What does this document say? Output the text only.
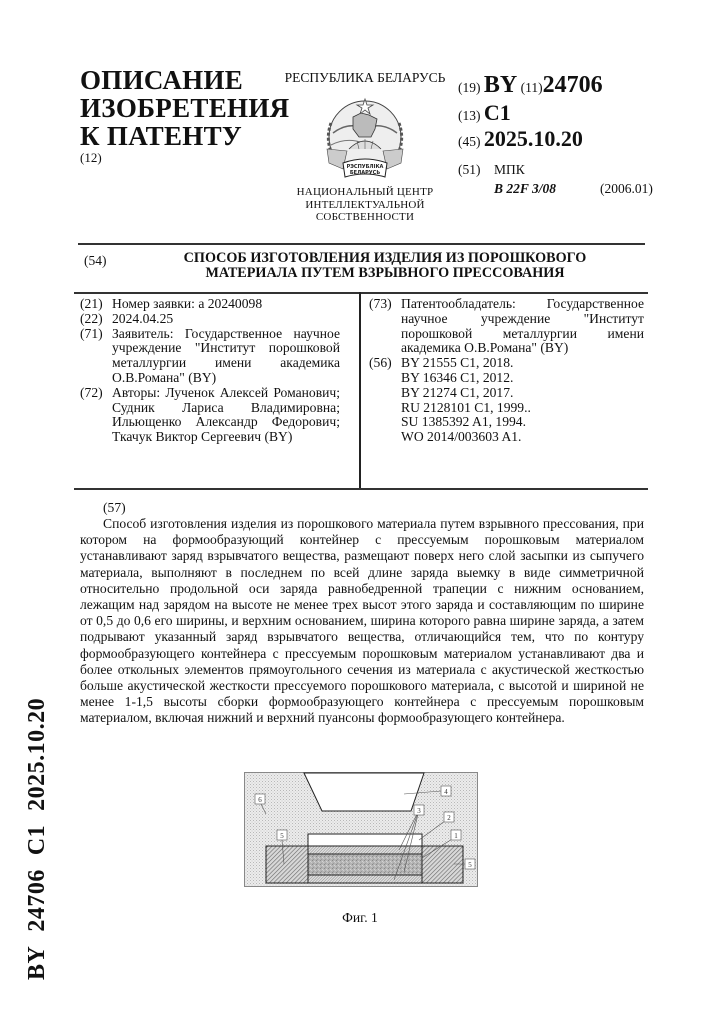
ОПИСАНИЕ
ИЗОБРЕТЕНИЯ
К ПАТЕНТУ
(12)
РЕСПУБЛИКА БЕЛАРУСЬ
РЭСПУБЛІКА
БЕЛАРУСЬ
НАЦИОНАЛЬНЫЙ ЦЕНТР
ИНТЕЛЛЕКТУАЛЬНОЙ
СОБСТВЕННОСТИ
(19) BY (11)24706
(13) C1
(45) 2025.10.20
(51) МПК
B 22F 3/08	(2006.01)
(54)	СПОСОБ ИЗГОТОВЛЕНИЯ ИЗДЕЛИЯ ИЗ ПОРОШКОВОГО
МАТЕРИАЛА ПУТЕМ ВЗРЫВНОГО ПРЕССОВАНИЯ
(21) Номер заявки: а 20240098
(22) 2024.04.25
(71) Заявитель: Государственное научное учреждение "Институт порошковой металлургии имени академика О.В.Романа" (BY)
(72) Авторы: Лученок Алексей Романович; Судник Лариса Владимировна; Ильющенко Александр Федорович; Ткачук Виктор Сергеевич (BY)
(73) Патентообладатель: Государственное научное учреждение "Институт порошковой металлургии имени академика О.В.Романа" (BY)
(56) BY 21555 C1, 2018.
BY 16346 C1, 2012.
BY 21274 C1, 2017.
RU 2128101 C1, 1999..
SU 1385392 A1, 1994.
WO 2014/003603 A1.
(57)
Способ изготовления изделия из порошкового материала путем взрывного прессования, при котором на формообразующий контейнер с прессуемым порошковым материалом устанавливают заряд взрывчатого вещества, размещают поверх него слой засыпки из сыпучего материала, выполняют в последнем по всей длине заряда выемку в виде симметричной относительно продольной оси заряда равнобедренной трапеции с нижним основанием, лежащим над зарядом на высоте не менее трех высот этого заряда и составляющим по ширине от 0,5 до 0,6 его ширины, и верхним основанием, ширина которого равна ширине заряда, а затем подрывают указанный заряд взрывчатого вещества, отличающийся тем, что по контуру формообразующего контейнера с прессуемым порошковым материалом устанавливают два и более откольных элементов прямоугольного сечения из материала с акустической жесткостью больше акустической жесткости прессуемого порошкового материала, с высотой и шириной не менее 1-1,5 высоты сборки формообразующего контейнера с прессуемым порошковым материалом, включая нижний и верхний пуансоны формообразующего контейнера.
4
3
2
1
5
5
6
Фиг. 1
BY24706C12025.10.20
